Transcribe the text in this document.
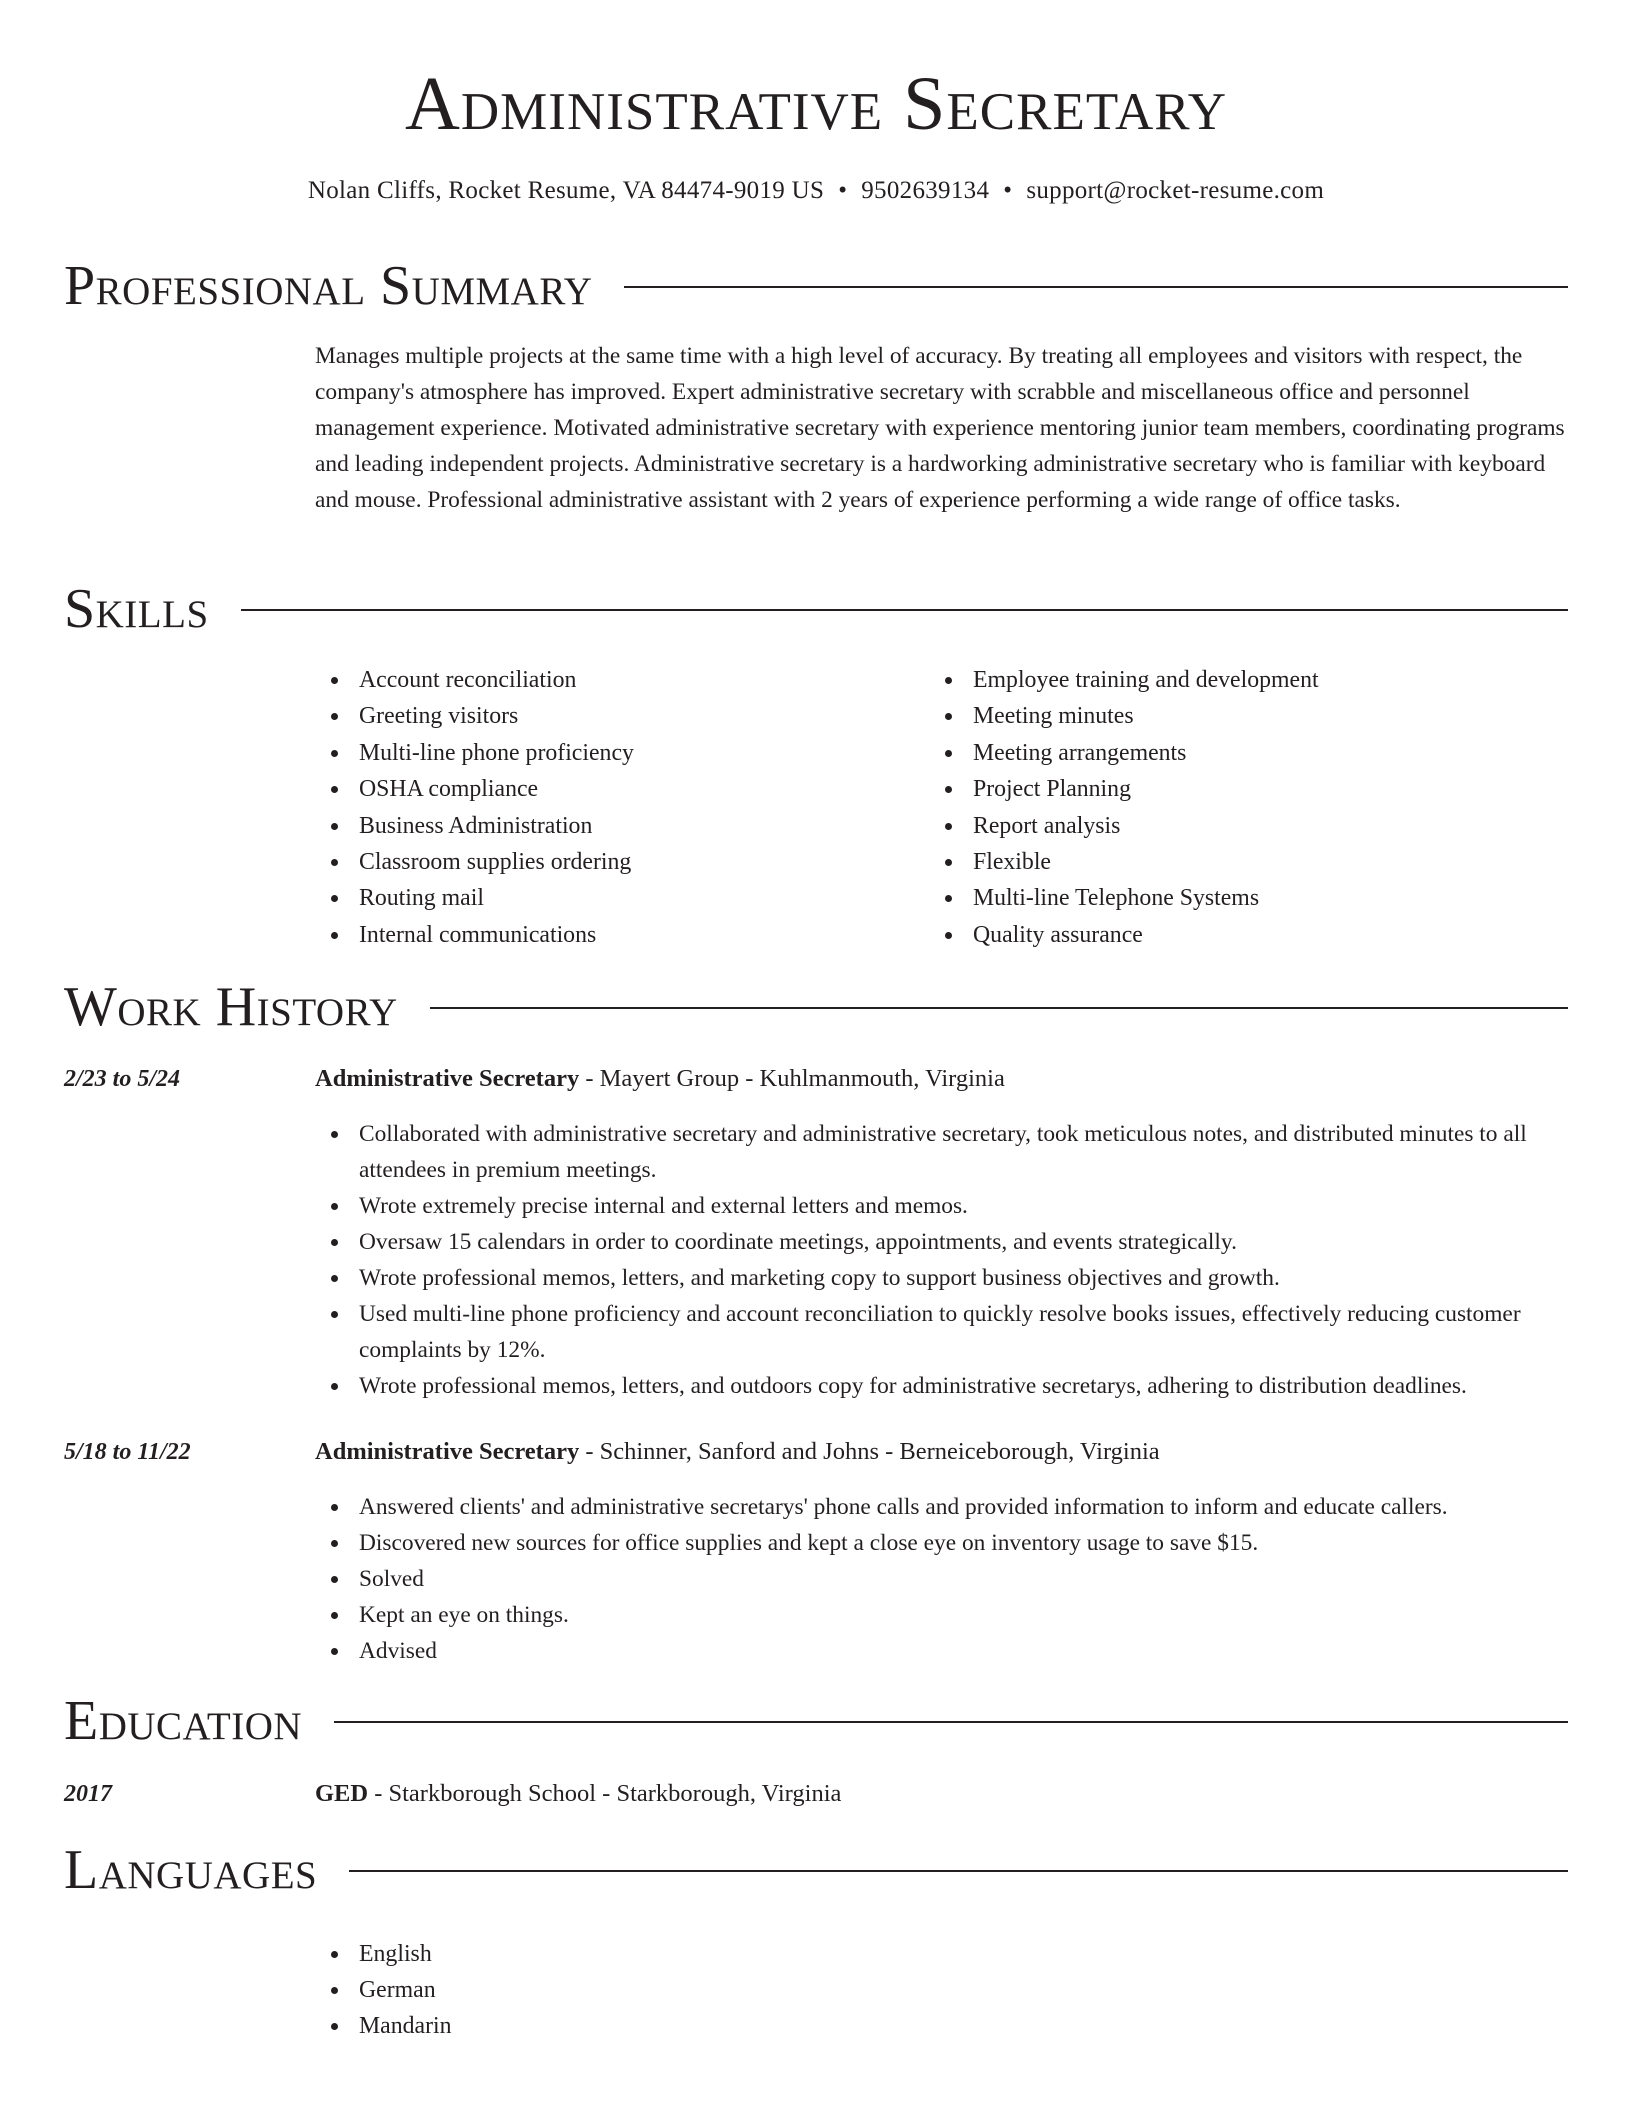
Administrative Secretary
Nolan Cliffs, Rocket Resume, VA 84474-9019 US • 9502639134 • support@rocket-resume.com
Professional Summary

Manages multiple projects at the same time with a high level of accuracy. By treating all employees and visitors with respect, the company's atmosphere has improved. Expert administrative secretary with scrabble and miscellaneous office and personnel management experience. Motivated administrative secretary with experience mentoring junior team members, coordinating programs and leading independent projects. Administrative secretary is a hardworking administrative secretary who is familiar with keyboard and mouse. Professional administrative assistant with 2 years of experience performing a wide range of office tasks.

Skills
Account reconciliation
Greeting visitors
Multi-line phone proficiency
OSHA compliance
Business Administration
Classroom supplies ordering
Routing mail
Internal communications
Employee training and development
Meeting minutes
Meeting arrangements
Project Planning
Report analysis
Flexible
Multi-line Telephone Systems
Quality assurance
Work History
2/23 to 5/24	Administrative Secretary - Mayert Group - Kuhlmanmouth, Virginia
Collaborated with administrative secretary and administrative secretary, took meticulous notes, and distributed minutes to all attendees in premium meetings.
Wrote extremely precise internal and external letters and memos.
Oversaw 15 calendars in order to coordinate meetings, appointments, and events strategically.
Wrote professional memos, letters, and marketing copy to support business objectives and growth.
Used multi-line phone proficiency and account reconciliation to quickly resolve books issues, effectively reducing customer complaints by 12%.
Wrote professional memos, letters, and outdoors copy for administrative secretarys, adhering to distribution deadlines.
5/18 to 11/22	Administrative Secretary - Schinner, Sanford and Johns - Berneiceborough, Virginia
Answered clients' and administrative secretarys' phone calls and provided information to inform and educate callers.
Discovered new sources for office supplies and kept a close eye on inventory usage to save $15.
Solved
Kept an eye on things.
Advised
Education
2017	GED - Starkborough School - Starkborough, Virginia
Languages
English
German
Mandarin
